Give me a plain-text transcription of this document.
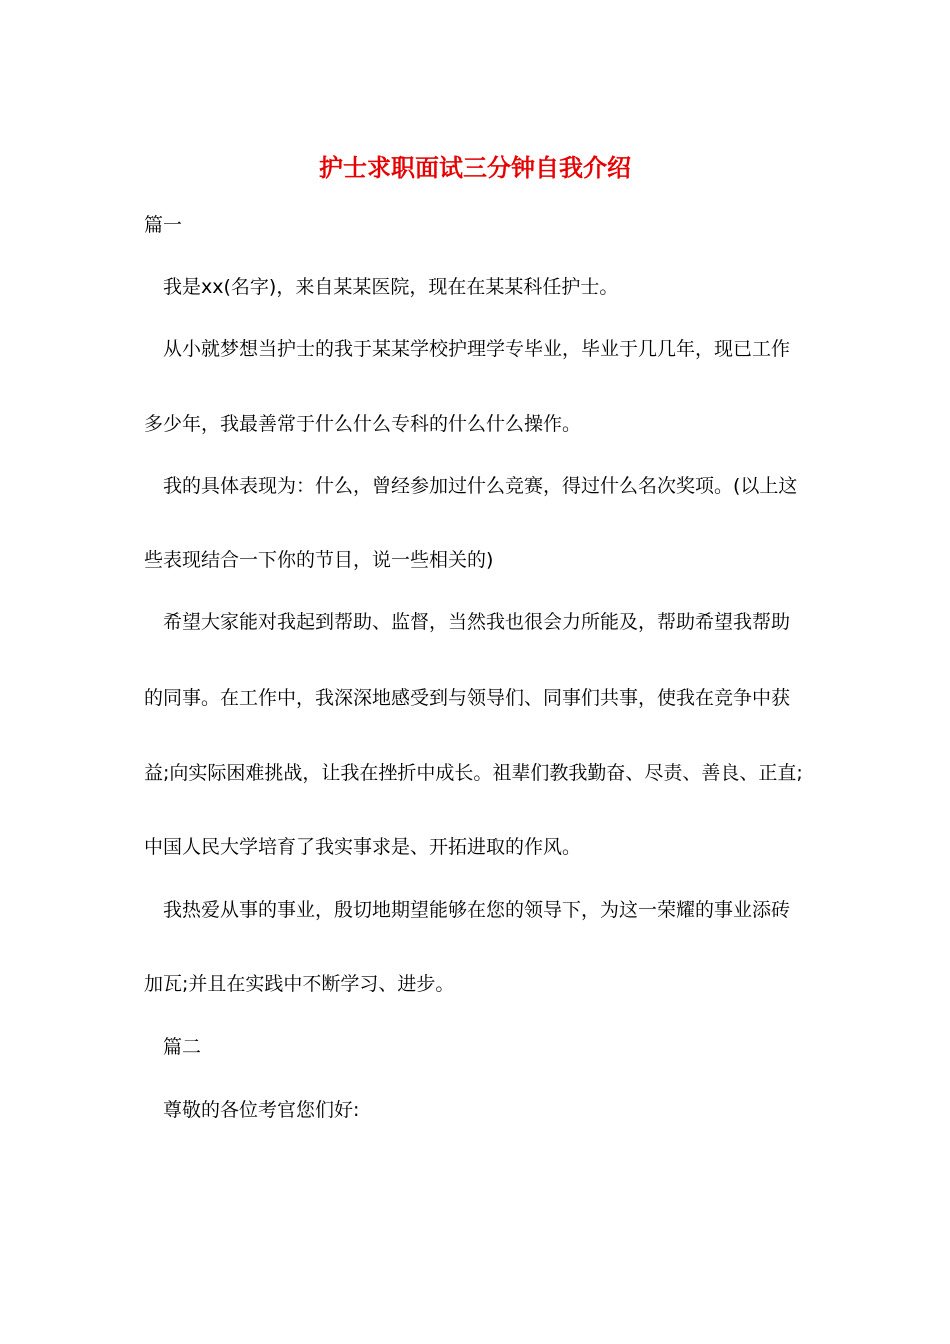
护士求职面试三分钟自我介绍
篇一
我是xx(名字)，来自某某医院，现在在某某科任护士。
从小就梦想当护士的我于某某学校护理学专毕业，毕业于几几年，现已工作
多少年，我最善常于什么什么专科的什么什么操作。
我的具体表现为：什么，曾经参加过什么竞赛，得过什么名次奖项。(以上这
些表现结合一下你的节目，说一些相关的)
希望大家能对我起到帮助、监督，当然我也很会力所能及，帮助希望我帮助
的同事。在工作中，我深深地感受到与领导们、同事们共事，使我在竞争中获
益;向实际困难挑战，让我在挫折中成长。祖辈们教我勤奋、尽责、善良、正直;
中国人民大学培育了我实事求是、开拓进取的作风。
我热爱从事的事业，殷切地期望能够在您的领导下，为这一荣耀的事业添砖
加瓦;并且在实践中不断学习、进步。
篇二
尊敬的各位考官您们好:
